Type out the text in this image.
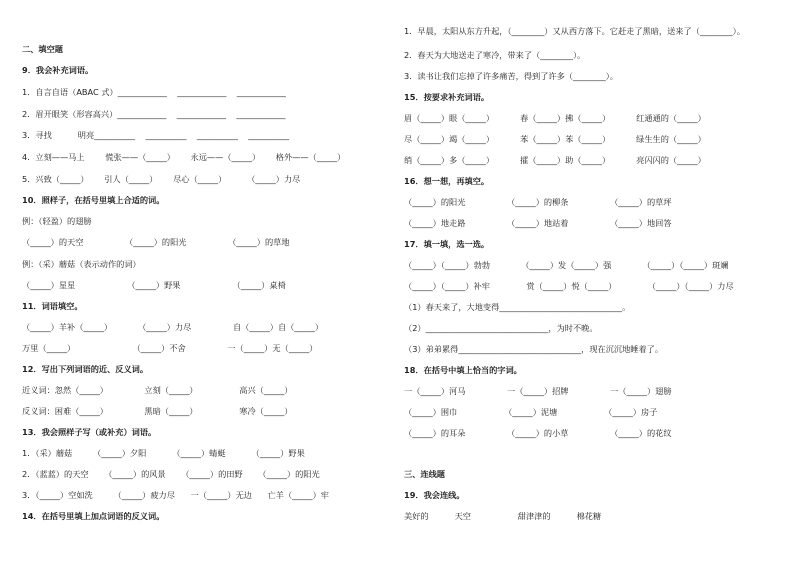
二、填空题
9．我会补充词语。
1．自言自语（ABAC 式）____________    ____________    ____________
2．眉开眼笑（形容高兴）____________    ____________    ____________
3．寻找          明亮__________    __________    __________    __________
4．立刻——马上        慌张——（_____）      永远——（_____）      格外——（_____）
5．兴致（_____）      引人（_____）      尽心（_____）        （_____）力尽
10．照样子，在括号里填上合适的词。
例：（轻盈）的翅膀
（_____）的天空                （_____）的阳光                （_____）的草地
例：（采）蘑菇（表示动作的词）
（_____）星星                    （_____）野果                    （_____）桌椅
11．词语填空。
（_____）羊补（_____）          （_____）力尽                自（_____）自（_____）
万里（_____）                      （_____）不舍                一（_____）无（_____）
12．写出下列词语的近、反义词。
近义词：忽然（_____）              立刻（_____）                高兴（_____）
反义词：困难（_____）              黑暗（_____）                寒冷（_____）
13．我会照样子写（或补充）词语。
1．（采）蘑菇        （_____）夕阳          （_____）蜻蜓          （_____）野果
2．（蓝蓝）的天空      （_____）的风景      （_____）的田野      （_____）的阳光
3．（_____）空如洗        （_____）疲力尽      一（_____）无边      亡羊（_____）牢
14．在括号里填上加点词语的反义词。
1．早晨，太阳从东方升起，（________）又从西方落下。它赶走了黑暗，送来了（________）。
2．春天为大地送走了寒冷，带来了（________）。
3．读书让我们忘掉了许多痛苦，得到了许多（________）。
15．按要求补充词语。
眉（_____）眼（_____）          春（_____）拂（_____）          红通通的（_____）
尽（_____）竭（_____）          苯（_____）苯（_____）          绿生生的（_____）
绡（_____）多（_____）          攉（_____）助（_____）          亮闪闪的（_____）
16．想一想，再填空。
（_____）的阳光                （_____）的柳条                （_____）的草坪
（_____）地走路                （_____）地站着                （_____）地回答
17．填一填，选一选。
（_____）（_____）勃勃            （_____）发（_____）强            （_____）（_____）斑斓
（_____）（_____）补牢              赏（_____）悦（_____）            （_____）（_____）力尽
（1）春天来了，大地变得______________________________。
（2）______________________________，为时不晚。
（3）弟弟累得______________________________，现在沉沉地睡着了。
18．在括号中填上恰当的字词。
一（_____）河马                一（_____）招牌                一（_____）翅膀
（_____）围巾                  （_____）泥塘                  （_____）房子
（_____）的耳朵                （_____）的小草                （_____）的花纹
三、连线题
19．我会连线。
美好的          天空                  甜津津的          棉花糖
